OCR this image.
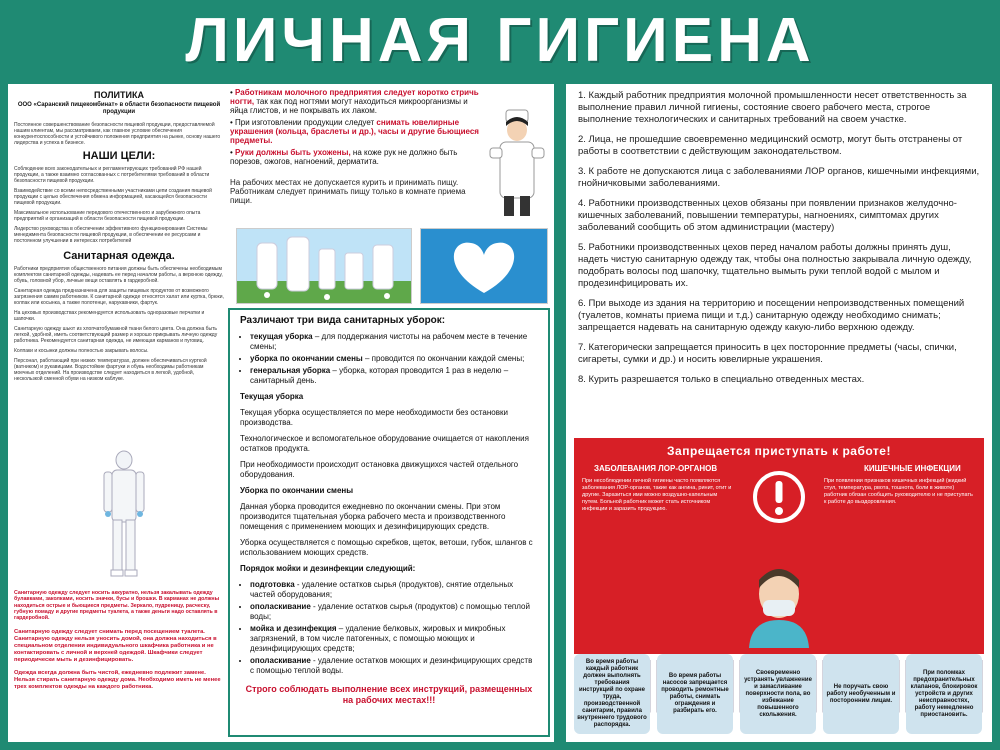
ЛИЧНАЯ ГИГИЕНА
ПОЛИТИКА
ООО «Саранский пищекомбинат» в области безопасности пищевой продукции

Постоянное совершенствование безопасности пищевой продукции, предоставляемой нашим клиентам, мы рассматриваем, как главное условие обеспечения конкурентоспособности и устойчивого положения предприятия на рынке, основу нашего лидерства и успеха в бизнесе.

НАШИ ЦЕЛИ:

Соблюдение всех законодательных и регламентирующих требований РФ нашей продукции, а также взаимно согласованных с потребителями требований в области безопасности пищевой продукции.

Взаимодействие со всеми непосредственными участниками цепи создания пищевой продукции с целью обеспечения обмена информацией, касающейся безопасности пищевой продукции.

Максимальное использование передового отечественного и зарубежного опыта предприятий и организаций в области безопасности пищевой продукции.

Лидерство руководства в обеспечении эффективного функционирования Системы менеджмента безопасности пищевой продукции, в обеспечении ее ресурсами и постоянном улучшении в интересах потребителей

Санитарная одежда.

Работники предприятия общественного питания должны быть обеспечены необходимым комплектом санитарной одежды, надевать ее перед началом работы, а верхнюю одежду, обувь, головной убор, личные вещи оставлять в гардеробной.

Санитарная одежда предназначена для защиты пищевых продуктов от возможного загрязнения самим работником. К санитарной одежде относятся халат или куртка, брюки, колпак или косынка, а также полотенце, нарукавники, фартук.

На цеховых производствах рекомендуется использовать одноразовые перчатки и шапочки.

Санитарную одежду шьют из хлопчатобумажной ткани белого цвета. Она должна быть легкой, удобной, иметь соответствующий размер и хорошо прикрывать личную одежду работника. Рекомендуется санитарная одежда, не имеющая карманов и пуговиц.

Колпаки и косынки должны полностью закрывать волосы.

Персонал, работающий при низких температурах, должен обеспечиваться курткой (ватником) и рукавицами. Водостойкие фартуки и обувь необходимы работникам моечных отделений. На производстве следует находиться в легкой, удобной, нескользкой сменной обуви на низком каблуке.

Санитарную одежду следует носить аккуратно, нельзя закалывать одежду булавками, заколками, носить значки, бусы и брошки. В карманах не должны находиться острые и бьющиеся предметы. Зеркало, пудреницу, расческу, губную помаду и другие предметы туалета, а также деньги надо оставлять в гардеробной.

Санитарную одежду следует снимать перед посещением туалета. Санитарную одежду нельзя уносить домой, она должна находиться в специальном отделении индивидуального шкафчика работника и не контактировать с личной и верхней одеждой. Шкафчики следует периодически мыть и дезинфицировать.

Одежда всегда должна быть чистой, ежедневно подлежит замене. Нельзя стирать санитарную одежду дома. Необходимо иметь не менее трех комплектов одежды на каждого работника.

• Работникам молочного предприятия следует коротко стричь ногти, так как под ногтями могут находиться микроорганизмы и яйца глистов, и не покрывать их лаком.

• При изготовлении продукции следует снимать ювелирные украшения (кольца, браслеты и др.), часы и другие бьющиеся предметы.

• Руки должны быть ухожены, на коже рук не должно быть порезов, ожогов, нагноений, дерматита.

На рабочих местах не допускается курить и принимать пищу. Работникам следует принимать пищу только в комнате приема пищи.

Различают три вида санитарных уборок:
• текущая уборка – для поддержания чистоты на рабочем месте в течение смены;
• уборка по окончании смены – проводится по окончании каждой смены;
• генеральная уборка – уборка, которая проводится 1 раз в неделю – санитарный день.

Текущая уборка

Текущая уборка осуществляется по мере необходимости без остановки производства.

Технологическое и вспомогательное оборудование очищается от накопления остатков продукта.

При необходимости происходит остановка движущихся частей отдельного оборудования.

Уборка по окончании смены

Данная уборка проводится ежедневно по окончании смены. При этом производится тщательная уборка рабочего места и производственного помещения с применением моющих и дезинфицирующих средств.

Уборка осуществляется с помощью скребков, щеток, ветоши, губок, шлангов с использованием моющих средств.

Порядок мойки и дезинфекции следующий:

• подготовка - удаление остатков сырья (продуктов), снятие отдельных частей оборудования;
• ополаскивание - удаление остатков сырья (продуктов) с помощью теплой воды;
• мойка и дезинфекция – удаление белковых, жировых и микробных загрязнений, в том числе патогенных, с помощью моющих и дезинфицирующих средств;
• ополаскивание - удаление остатков моющих и дезинфицирующих средств с помощью теплой воды.

Строго соблюдать выполнение всех инструкций, размещенных на рабочих местах!!!

1. Каждый работник предприятия молочной промышленности несет ответственность за выполнение правил личной гигиены, состояние своего рабочего места, строгое выполнение технологических и санитарных требований на своем участке.

2. Лица, не прошедшие своевременно медицинский осмотр, могут быть отстранены от работы в соответствии с действующим законодательством.

3. К работе не допускаются лица с заболеваниями ЛОР органов, кишечными инфекциями, гнойничковыми заболеваниями.

4. Работники производственных цехов обязаны при появлении признаков желудочно-кишечных заболеваний, повышении температуры, нагноениях, симптомах других заболеваний сообщить об этом администрации (мастеру)

5. Работники производственных цехов перед началом работы должны принять душ, надеть чистую санитарную одежду так, чтобы она полностью закрывала личную одежду, подобрать волосы под шапочку, тщательно вымыть руки теплой водой с мылом и продезинфицировать их.

6. При выходе из здания на территорию и посещении непроизводственных помещений (туалетов, комнаты приема пищи и т.д.) санитарную одежду необходимо снимать; запрещается надевать на санитарную одежду какую-либо верхнюю одежду.

7. Категорически запрещается приносить в цех посторонние предметы (часы, спички, сигареты, сумки и др.) и носить ювелирные украшения.

8. Курить разрешается только в специально отведенных местах.

Запрещается приступать к работе!
ЗАБОЛЕВАНИЯ ЛОР-ОРГАНОВ	КИШЕЧНЫЕ ИНФЕКЦИИ

При несоблюдении личной гигиены часто появляются заболевания ЛОР-органов, такие как ангина, ринит, отит и другие. Заразиться ими можно воздушно-капельным путем. Больной работник может стать источником инфекции и заразить продукцию.

При появлении признаков кишечных инфекций (жидкий стул, температура, рвота, тошнота, боли в животе) работник обязан сообщить руководителю и не приступать к работе до выздоровления.

Во время работы каждый работник должен выполнять требования инструкций по охране труда, производственной санитарии, правила внутреннего трудового распорядка.
Во время работы насосов запрещается проводить ремонтные работы, снимать ограждения и разбирать его.
Своевременно устранять увлажнение и замасливание поверхности пола, во избежание повышенного скольжения.
Не поручать свою работу необученным и посторонним лицам.
При поломках предохранительных клапанов, блокировок устройств и других неисправностях, работу немедленно приостановить.
